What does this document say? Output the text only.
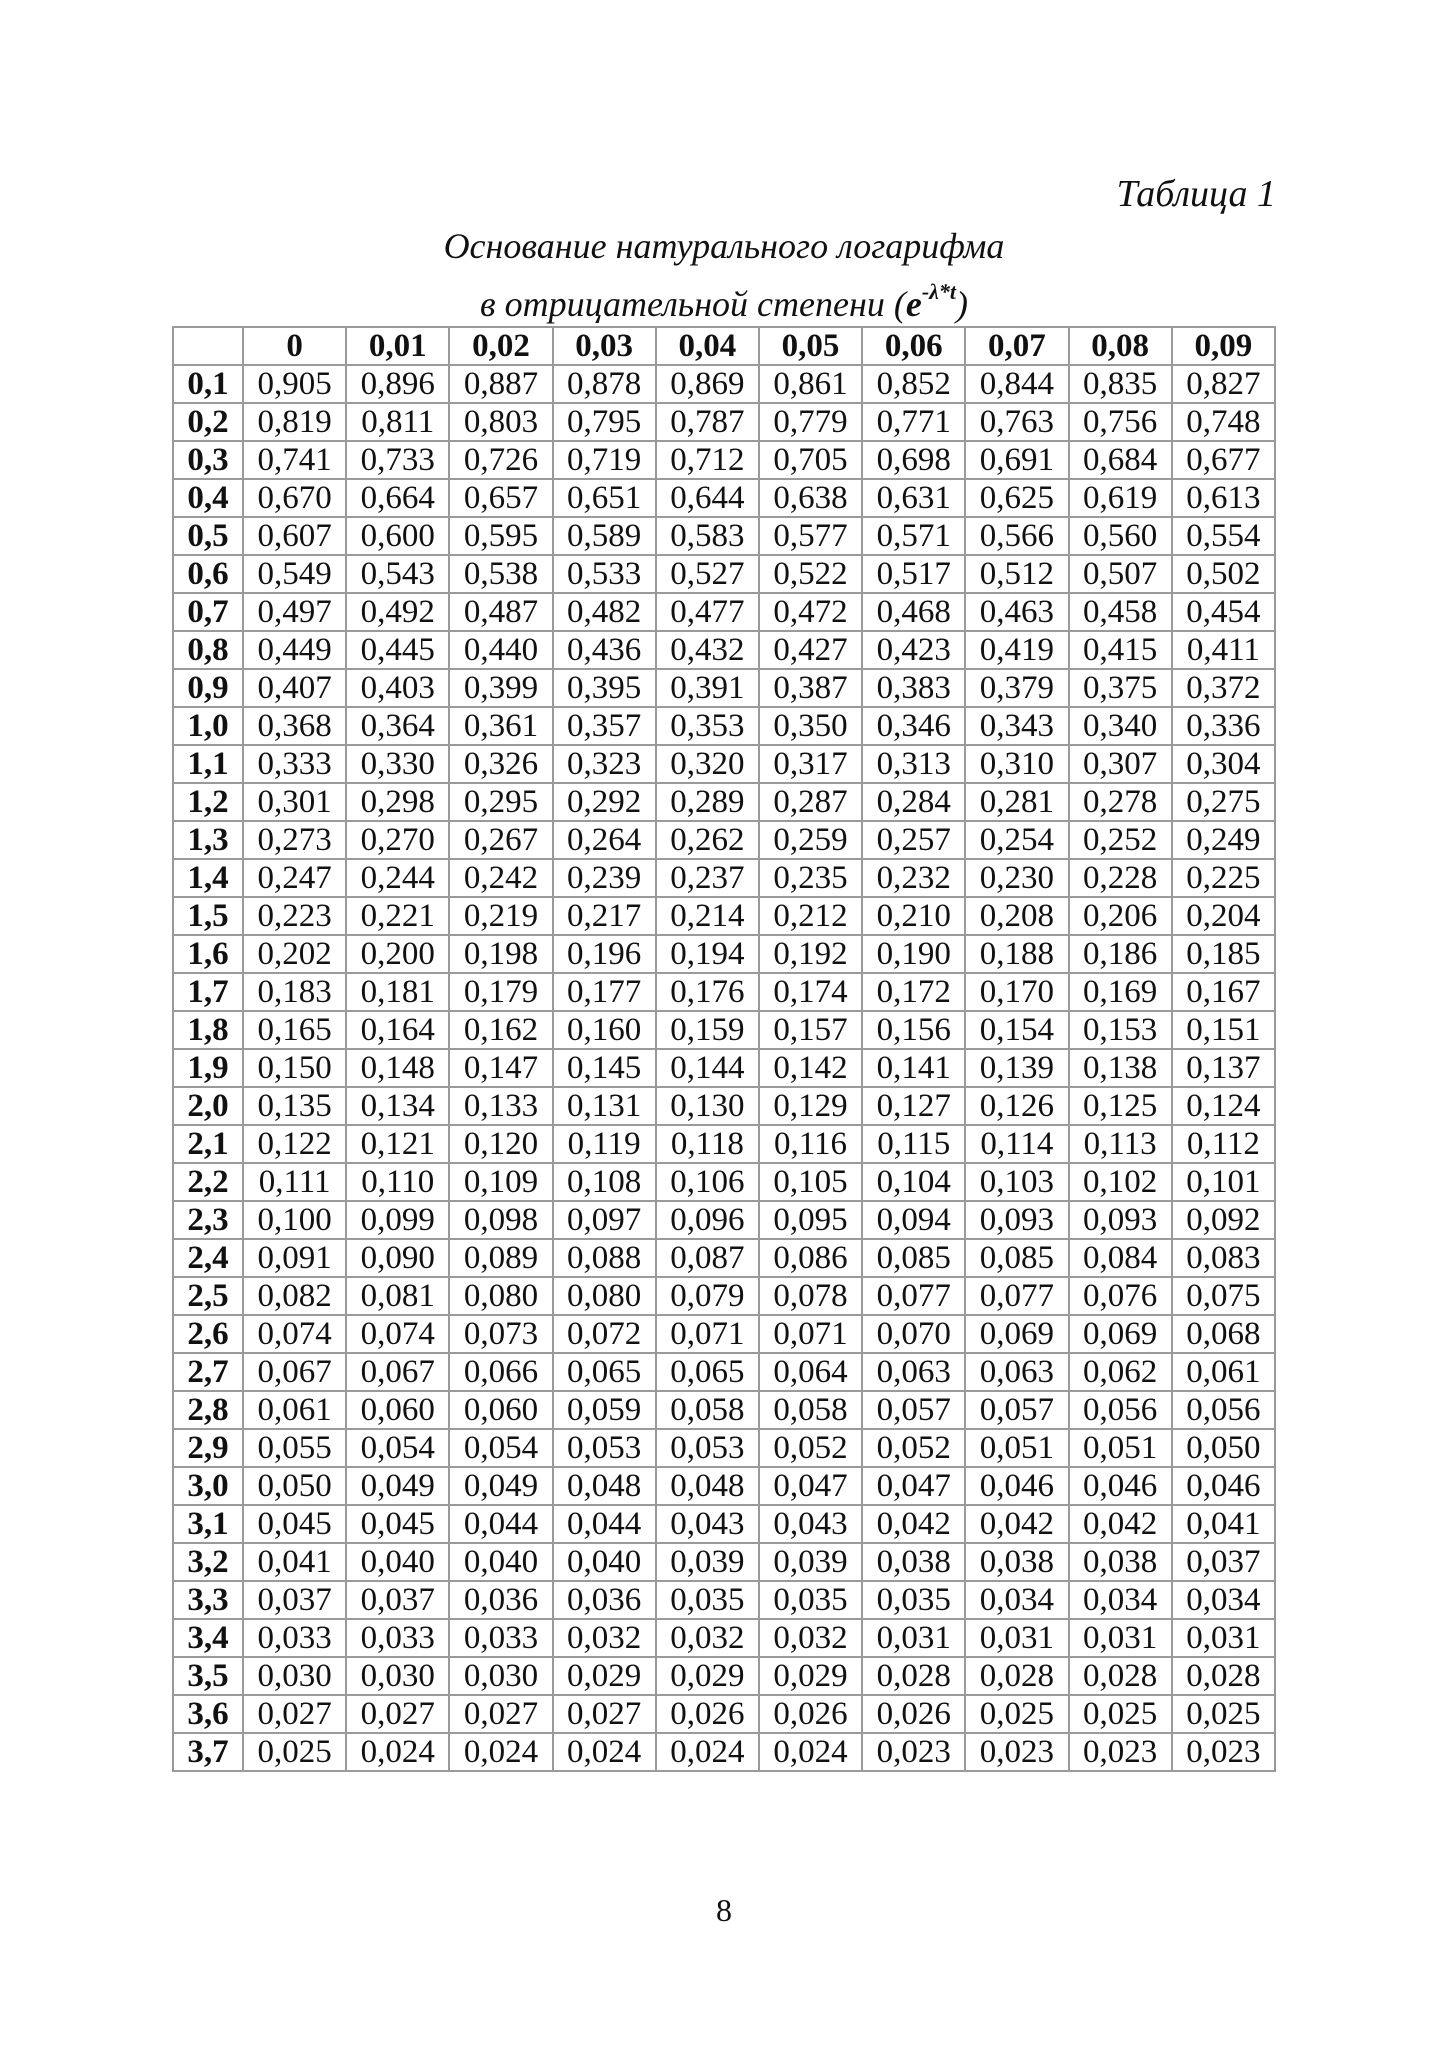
Таблица 1
Основание натурального логарифма
в отрицательной степени $(e^{-\lambda*t})$
	0	0,01	0,02	0,03	0,04	0,05	0,06	0,07	0,08	0,09
0,1	0,905	0,896	0,887	0,878	0,869	0,861	0,852	0,844	0,835	0,827
0,2	0,819	0,811	0,803	0,795	0,787	0,779	0,771	0,763	0,756	0,748
0,3	0,741	0,733	0,726	0,719	0,712	0,705	0,698	0,691	0,684	0,677
0,4	0,670	0,664	0,657	0,651	0,644	0,638	0,631	0,625	0,619	0,613
0,5	0,607	0,600	0,595	0,589	0,583	0,577	0,571	0,566	0,560	0,554
0,6	0,549	0,543	0,538	0,533	0,527	0,522	0,517	0,512	0,507	0,502
0,7	0,497	0,492	0,487	0,482	0,477	0,472	0,468	0,463	0,458	0,454
0,8	0,449	0,445	0,440	0,436	0,432	0,427	0,423	0,419	0,415	0,411
0,9	0,407	0,403	0,399	0,395	0,391	0,387	0,383	0,379	0,375	0,372
1,0	0,368	0,364	0,361	0,357	0,353	0,350	0,346	0,343	0,340	0,336
1,1	0,333	0,330	0,326	0,323	0,320	0,317	0,313	0,310	0,307	0,304
1,2	0,301	0,298	0,295	0,292	0,289	0,287	0,284	0,281	0,278	0,275
1,3	0,273	0,270	0,267	0,264	0,262	0,259	0,257	0,254	0,252	0,249
1,4	0,247	0,244	0,242	0,239	0,237	0,235	0,232	0,230	0,228	0,225
1,5	0,223	0,221	0,219	0,217	0,214	0,212	0,210	0,208	0,206	0,204
1,6	0,202	0,200	0,198	0,196	0,194	0,192	0,190	0,188	0,186	0,185
1,7	0,183	0,181	0,179	0,177	0,176	0,174	0,172	0,170	0,169	0,167
1,8	0,165	0,164	0,162	0,160	0,159	0,157	0,156	0,154	0,153	0,151
1,9	0,150	0,148	0,147	0,145	0,144	0,142	0,141	0,139	0,138	0,137
2,0	0,135	0,134	0,133	0,131	0,130	0,129	0,127	0,126	0,125	0,124
2,1	0,122	0,121	0,120	0,119	0,118	0,116	0,115	0,114	0,113	0,112
2,2	0,111	0,110	0,109	0,108	0,106	0,105	0,104	0,103	0,102	0,101
2,3	0,100	0,099	0,098	0,097	0,096	0,095	0,094	0,093	0,093	0,092
2,4	0,091	0,090	0,089	0,088	0,087	0,086	0,085	0,085	0,084	0,083
2,5	0,082	0,081	0,080	0,080	0,079	0,078	0,077	0,077	0,076	0,075
2,6	0,074	0,074	0,073	0,072	0,071	0,071	0,070	0,069	0,069	0,068
2,7	0,067	0,067	0,066	0,065	0,065	0,064	0,063	0,063	0,062	0,061
2,8	0,061	0,060	0,060	0,059	0,058	0,058	0,057	0,057	0,056	0,056
2,9	0,055	0,054	0,054	0,053	0,053	0,052	0,052	0,051	0,051	0,050
3,0	0,050	0,049	0,049	0,048	0,048	0,047	0,047	0,046	0,046	0,046
3,1	0,045	0,045	0,044	0,044	0,043	0,043	0,042	0,042	0,042	0,041
3,2	0,041	0,040	0,040	0,040	0,039	0,039	0,038	0,038	0,038	0,037
3,3	0,037	0,037	0,036	0,036	0,035	0,035	0,035	0,034	0,034	0,034
3,4	0,033	0,033	0,033	0,032	0,032	0,032	0,031	0,031	0,031	0,031
3,5	0,030	0,030	0,030	0,029	0,029	0,029	0,028	0,028	0,028	0,028
3,6	0,027	0,027	0,027	0,027	0,026	0,026	0,026	0,025	0,025	0,025
3,7	0,025	0,024	0,024	0,024	0,024	0,024	0,023	0,023	0,023	0,023
8
